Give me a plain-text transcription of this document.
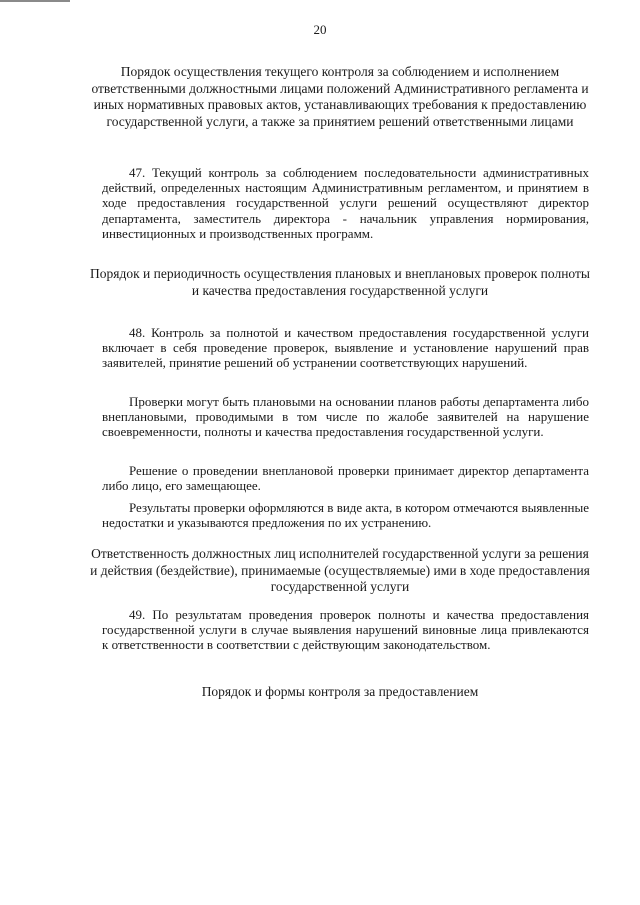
20
Порядок осуществления текущего контроля за соблюдением и исполнением ответственными должностными лицами положений Административного регламента и иных нормативных правовых актов, устанавливающих требования к предоставлению государственной услуги, а также за принятием решений ответственными лицами
47. Текущий контроль за соблюдением последовательности административных действий, определенных настоящим Административным регламентом, и принятием в ходе предоставления государственной услуги решений осуществляют директор департамента, заместитель директора - начальник управления нормирования, инвестиционных и производственных программ.
Порядок и периодичность осуществления плановых и внеплановых проверок полноты и качества предоставления государственной услуги
48. Контроль за полнотой и качеством предоставления государственной услуги включает в себя проведение проверок, выявление и установление нарушений прав заявителей, принятие решений об устранении соответствующих нарушений.
Проверки могут быть плановыми на основании планов работы департамента либо внеплановыми, проводимыми в том числе по жалобе заявителей на нарушение своевременности, полноты и качества предоставления государственной услуги.
Решение о проведении внеплановой проверки принимает директор департамента либо лицо, его замещающее.
Результаты проверки оформляются в виде акта, в котором отмечаются выявленные недостатки и указываются предложения по их устранению.
Ответственность должностных лиц исполнителей государственной услуги за решения и действия (бездействие), принимаемые (осуществляемые) ими в ходе предоставления государственной услуги
49. По результатам проведения проверок полноты и качества предоставления государственной услуги в случае выявления нарушений виновные лица привлекаются к ответственности в соответствии с действующим законодательством.
Порядок и формы контроля за предоставлением
